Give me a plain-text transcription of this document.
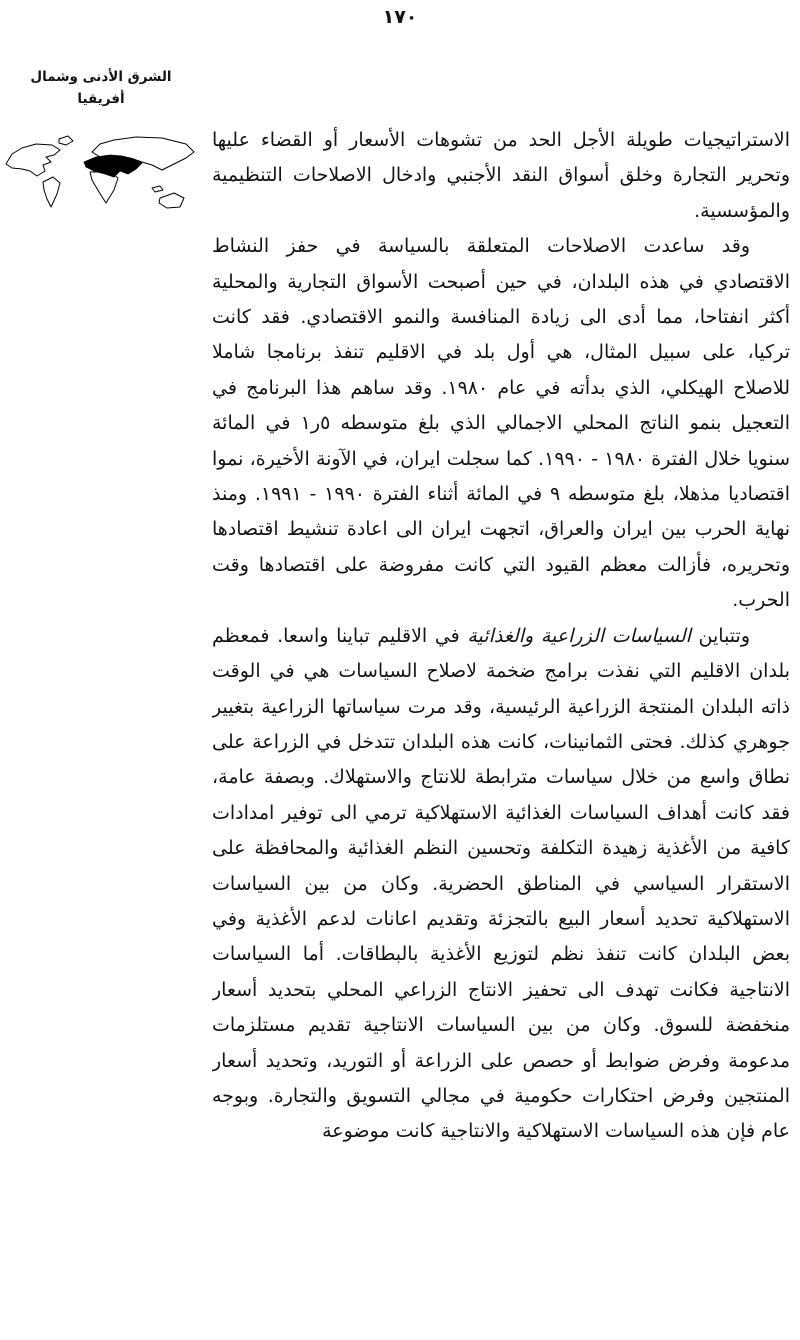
١٧٠
الشرق الأدنى وشمال
أفريقيا

الاستراتيجيات طويلة الأجل الحد من تشوهات الأسعار أو القضاء عليها وتحرير التجارة وخلق أسواق النقد الأجنبي وادخال الاصلاحات التنظيمية والمؤسسية.

وقد ساعدت الاصلاحات المتعلقة بالسياسة في حفز النشاط الاقتصادي في هذه البلدان، في حين أصبحت الأسواق التجارية والمحلية أكثر انفتاحا، مما أدى الى زيادة المنافسة والنمو الاقتصادي. فقد كانت تركيا، على سبيل المثال، هي أول بلد في الاقليم تنفذ برنامجا شاملا للاصلاح الهيكلي، الذي بدأته في عام ١٩٨٠. وقد ساهم هذا البرنامج في التعجيل بنمو الناتج المحلي الاجمالي الذي بلغ متوسطه ٥ر١ في المائة سنويا خلال الفترة ١٩٨٠ - ١٩٩٠. كما سجلت ايران، في الآونة الأخيرة، نموا اقتصاديا مذهلا، بلغ متوسطه ٩ في المائة أثناء الفترة ١٩٩٠ - ١٩٩١. ومنذ نهاية الحرب بين ايران والعراق، اتجهت ايران الى اعادة تنشيط اقتصادها وتحريره، فأزالت معظم القيود التي كانت مفروضة على اقتصادها وقت الحرب.

وتتباين السياسات الزراعية والغذائية في الاقليم تباينا واسعا. فمعظم بلدان الاقليم التي نفذت برامج ضخمة لاصلاح السياسات هي في الوقت ذاته البلدان المنتجة الزراعية الرئيسية، وقد مرت سياساتها الزراعية بتغيير جوهري كذلك. فحتى الثمانينات، كانت هذه البلدان تتدخل في الزراعة على نطاق واسع من خلال سياسات مترابطة للانتاج والاستهلاك. وبصفة عامة، فقد كانت أهداف السياسات الغذائية الاستهلاكية ترمي الى توفير امدادات كافية من الأغذية زهيدة التكلفة وتحسين النظم الغذائية والمحافظة على الاستقرار السياسي في المناطق الحضرية. وكان من بين السياسات الاستهلاكية تحديد أسعار البيع بالتجزئة وتقديم اعانات لدعم الأغذية وفي بعض البلدان كانت تنفذ نظم لتوزيع الأغذية بالبطاقات. أما السياسات الانتاجية فكانت تهدف الى تحفيز الانتاج الزراعي المحلي بتحديد أسعار منخفضة للسوق. وكان من بين السياسات الانتاجية تقديم مستلزمات مدعومة وفرض ضوابط أو حصص على الزراعة أو التوريد، وتحديد أسعار المنتجين وفرض احتكارات حكومية في مجالي التسويق والتجارة. وبوجه عام فإن هذه السياسات الاستهلاكية والانتاجية كانت موضوعة
